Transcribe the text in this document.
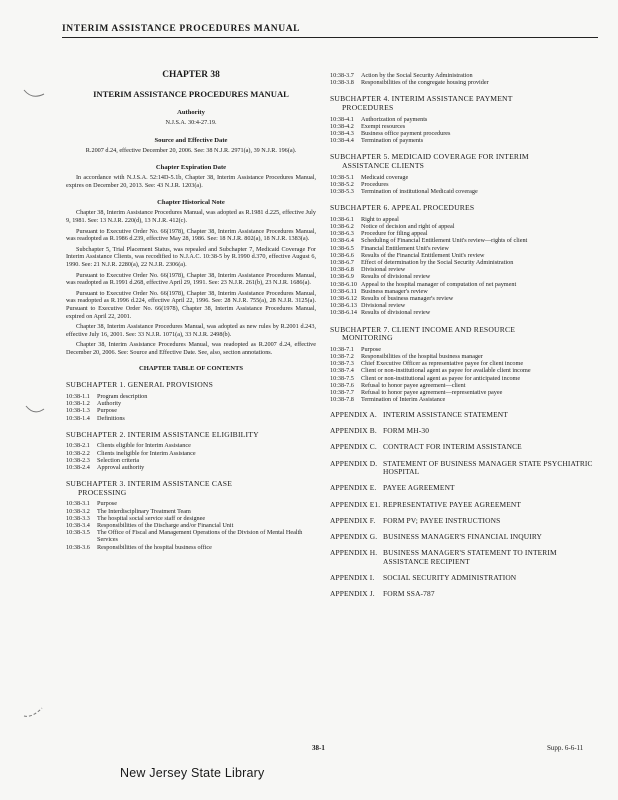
INTERIM ASSISTANCE PROCEDURES MANUAL

CHAPTER 38

INTERIM ASSISTANCE PROCEDURES MANUAL

Authority

N.J.S.A. 30:4-27.19.

Source and Effective Date

R.2007 d.24, effective December 20, 2006. See: 38 N.J.R. 2971(a), 39 N.J.R. 196(a).

Chapter Expiration Date

In accordance with N.J.S.A. 52:14D-5.1b, Chapter 38, Interim Assistance Procedures Manual, expires on December 20, 2013. See: 43 N.J.R. 1203(a).

Chapter Historical Note

Chapter 38, Interim Assistance Procedures Manual, was adopted as R.1981 d.225, effective July 9, 1981. See: 13 N.J.R. 220(d), 13 N.J.R. 412(c).

Pursuant to Executive Order No. 66(1978), Chapter 38, Interim Assistance Procedures Manual, was readopted as R.1986 d.239, effective May 28, 1986. See: 18 N.J.R. 802(a), 18 N.J.R. 1383(a).

Subchapter 5, Trial Placement Status, was repealed and Subchapter 7, Medicaid Coverage For Interim Assistance Clients, was recodified to N.J.A.C. 10:38-5 by R.1990 d.370, effective August 6, 1990. See: 21 N.J.R. 2280(a), 22 N.J.R. 2306(a).

Pursuant to Executive Order No. 66(1978), Chapter 38, Interim Assistance Procedures Manual, was readopted as R.1991 d.268, effective April 29, 1991. See: 23 N.J.R. 261(b), 23 N.J.R. 1686(a).

Pursuant to Executive Order No. 66(1978), Chapter 38, Interim Assistance Procedures Manual, was readopted as R.1996 d.224, effective April 22, 1996. See: 28 N.J.R. 755(a), 28 N.J.R. 3125(a). Pursuant to Executive Order No. 66(1978), Chapter 38, Interim Assistance Procedures Manual, expired on April 22, 2001.

Chapter 38, Interim Assistance Procedures Manual, was adopted as new rules by R.2001 d.243, effective July 16, 2001. See: 33 N.J.R. 1071(a), 33 N.J.R. 2498(b).

Chapter 38, Interim Assistance Procedures Manual, was readopted as R.2007 d.24, effective December 20, 2006. See: Source and Effective Date. See, also, section annotations.

CHAPTER TABLE OF CONTENTS

SUBCHAPTER 1. GENERAL PROVISIONS
10:38-1.1	Program description
10:38-1.2	Authority
10:38-1.3	Purpose
10:38-1.4	Definitions
SUBCHAPTER 2. INTERIM ASSISTANCE ELIGIBILITY
10:38-2.1	Clients eligible for Interim Assistance
10:38-2.2	Clients ineligible for Interim Assistance
10:38-2.3	Selection criteria
10:38-2.4	Approval authority
SUBCHAPTER 3. INTERIM ASSISTANCE CASE
PROCESSING
10:38-3.1	Purpose
10:38-3.2	The Interdisciplinary Treatment Team
10:38-3.3	The hospital social service staff or designee
10:38-3.4	Responsibilities of the Discharge and/or Financial Unit
10:38-3.5	The Office of Fiscal and Management Operations of the Division of Mental Health Services
10:38-3.6	Responsibilities of the hospital business office
10:38-3.7	Action by the Social Security Administration
10:38-3.8	Responsibilities of the congregate housing provider
SUBCHAPTER 4. INTERIM ASSISTANCE PAYMENT
PROCEDURES
10:38-4.1	Authorization of payments
10:38-4.2	Exempt resources
10:38-4.3	Business office payment procedures
10:38-4.4	Termination of payments
SUBCHAPTER 5. MEDICAID COVERAGE FOR INTERIM
ASSISTANCE CLIENTS
10:38-5.1	Medicaid coverage
10:38-5.2	Procedures
10:38-5.3	Termination of institutional Medicaid coverage
SUBCHAPTER 6. APPEAL PROCEDURES
10:38-6.1	Right to appeal
10:38-6.2	Notice of decision and right of appeal
10:38-6.3	Procedure for filing appeal
10:38-6.4	Scheduling of Financial Entitlement Unit's review—rights of client
10:38-6.5	Financial Entitlement Unit's review
10:38-6.6	Results of the Financial Entitlement Unit's review
10:38-6.7	Effect of determination by the Social Security Administration
10:38-6.8	Divisional review
10:38-6.9	Results of divisional review
10:38-6.10 Appeal to the hospital manager of computation of net payment
10:38-6.11 Business manager's review
10:38-6.12 Results of business manager's review
10:38-6.13 Divisional review
10:38-6.14 Results of divisional review
SUBCHAPTER 7. CLIENT INCOME AND RESOURCE
MONITORING
10:38-7.1	Purpose
10:38-7.2	Responsibilities of the hospital business manager
10:38-7.3	Chief Executive Officer as representative payee for client income
10:38-7.4	Client or non-institutional agent as payee for available client income
10:38-7.5	Client or non-institutional agent as payee for anticipated income
10:38-7.6	Refusal to honor payee agreement—client
10:38-7.7	Refusal to honor payee agreement—representative payee
10:38-7.8	Termination of Interim Assistance
APPENDIX A. INTERIM ASSISTANCE STATEMENT
APPENDIX B. FORM MH-30
APPENDIX C. CONTRACT FOR INTERIM ASSISTANCE
APPENDIX D. STATEMENT OF BUSINESS MANAGER STATE PSYCHIATRIC HOSPITAL
APPENDIX E. PAYEE AGREEMENT
APPENDIX E1. REPRESENTATIVE PAYEE AGREEMENT
APPENDIX F.	FORM PV; PAYEE INSTRUCTIONS
APPENDIX G. BUSINESS MANAGER'S FINANCIAL INQUIRY
APPENDIX H. BUSINESS MANAGER'S STATEMENT TO INTERIM ASSISTANCE RECIPIENT
APPENDIX I.	SOCIAL SECURITY ADMINISTRATION
APPENDIX J.	FORM SSA-787
38-1	Supp. 6-6-11
New Jersey State Library
